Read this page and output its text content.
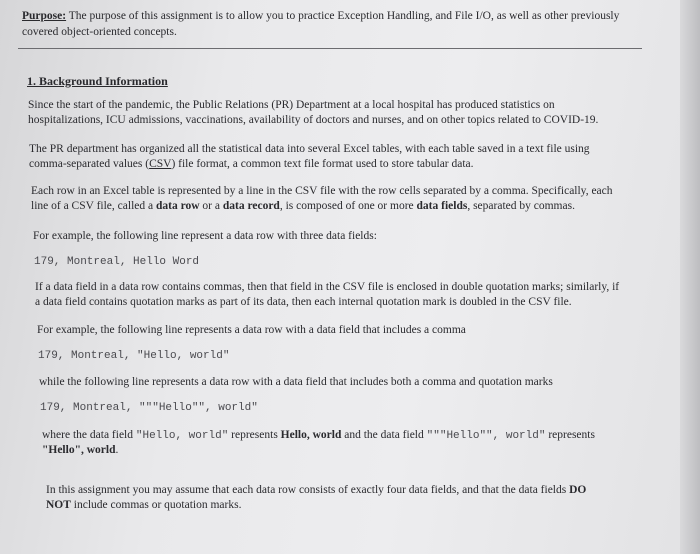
Purpose: The purpose of this assignment is to allow you to practice Exception Handling, and File I/O, as well as other previously
covered object-oriented concepts.
1. Background Information
Since the start of the pandemic, the Public Relations (PR) Department at a local hospital has produced statistics on
hospitalizations, ICU admissions, vaccinations, availability of doctors and nurses, and on other topics related to COVID-19.
The PR department has organized all the statistical data into several Excel tables, with each table saved in a text file using
comma-separated values (CSV) file format, a common text file format used to store tabular data.
Each row in an Excel table is represented by a line in the CSV file with the row cells separated by a comma. Specifically, each
line of a CSV file, called a data row or a data record, is composed of one or more data fields, separated by commas.
For example, the following line represent a data row with three data fields:
179, Montreal, Hello Word
If a data field in a data row contains commas, then that field in the CSV file is enclosed in double quotation marks; similarly, if
a data field contains quotation marks as part of its data, then each internal quotation mark is doubled in the CSV file.
For example, the following line represents a data row with a data field that includes a comma
179, Montreal, "Hello, world"
while the following line represents a data row with a data field that includes both a comma and quotation marks
179, Montreal, """Hello"", world"
where the data field "Hello, world" represents Hello, world and the data field """Hello"", world" represents
"Hello", world.
In this assignment you may assume that each data row consists of exactly four data fields, and that the data fields DO
NOT include commas or quotation marks.
